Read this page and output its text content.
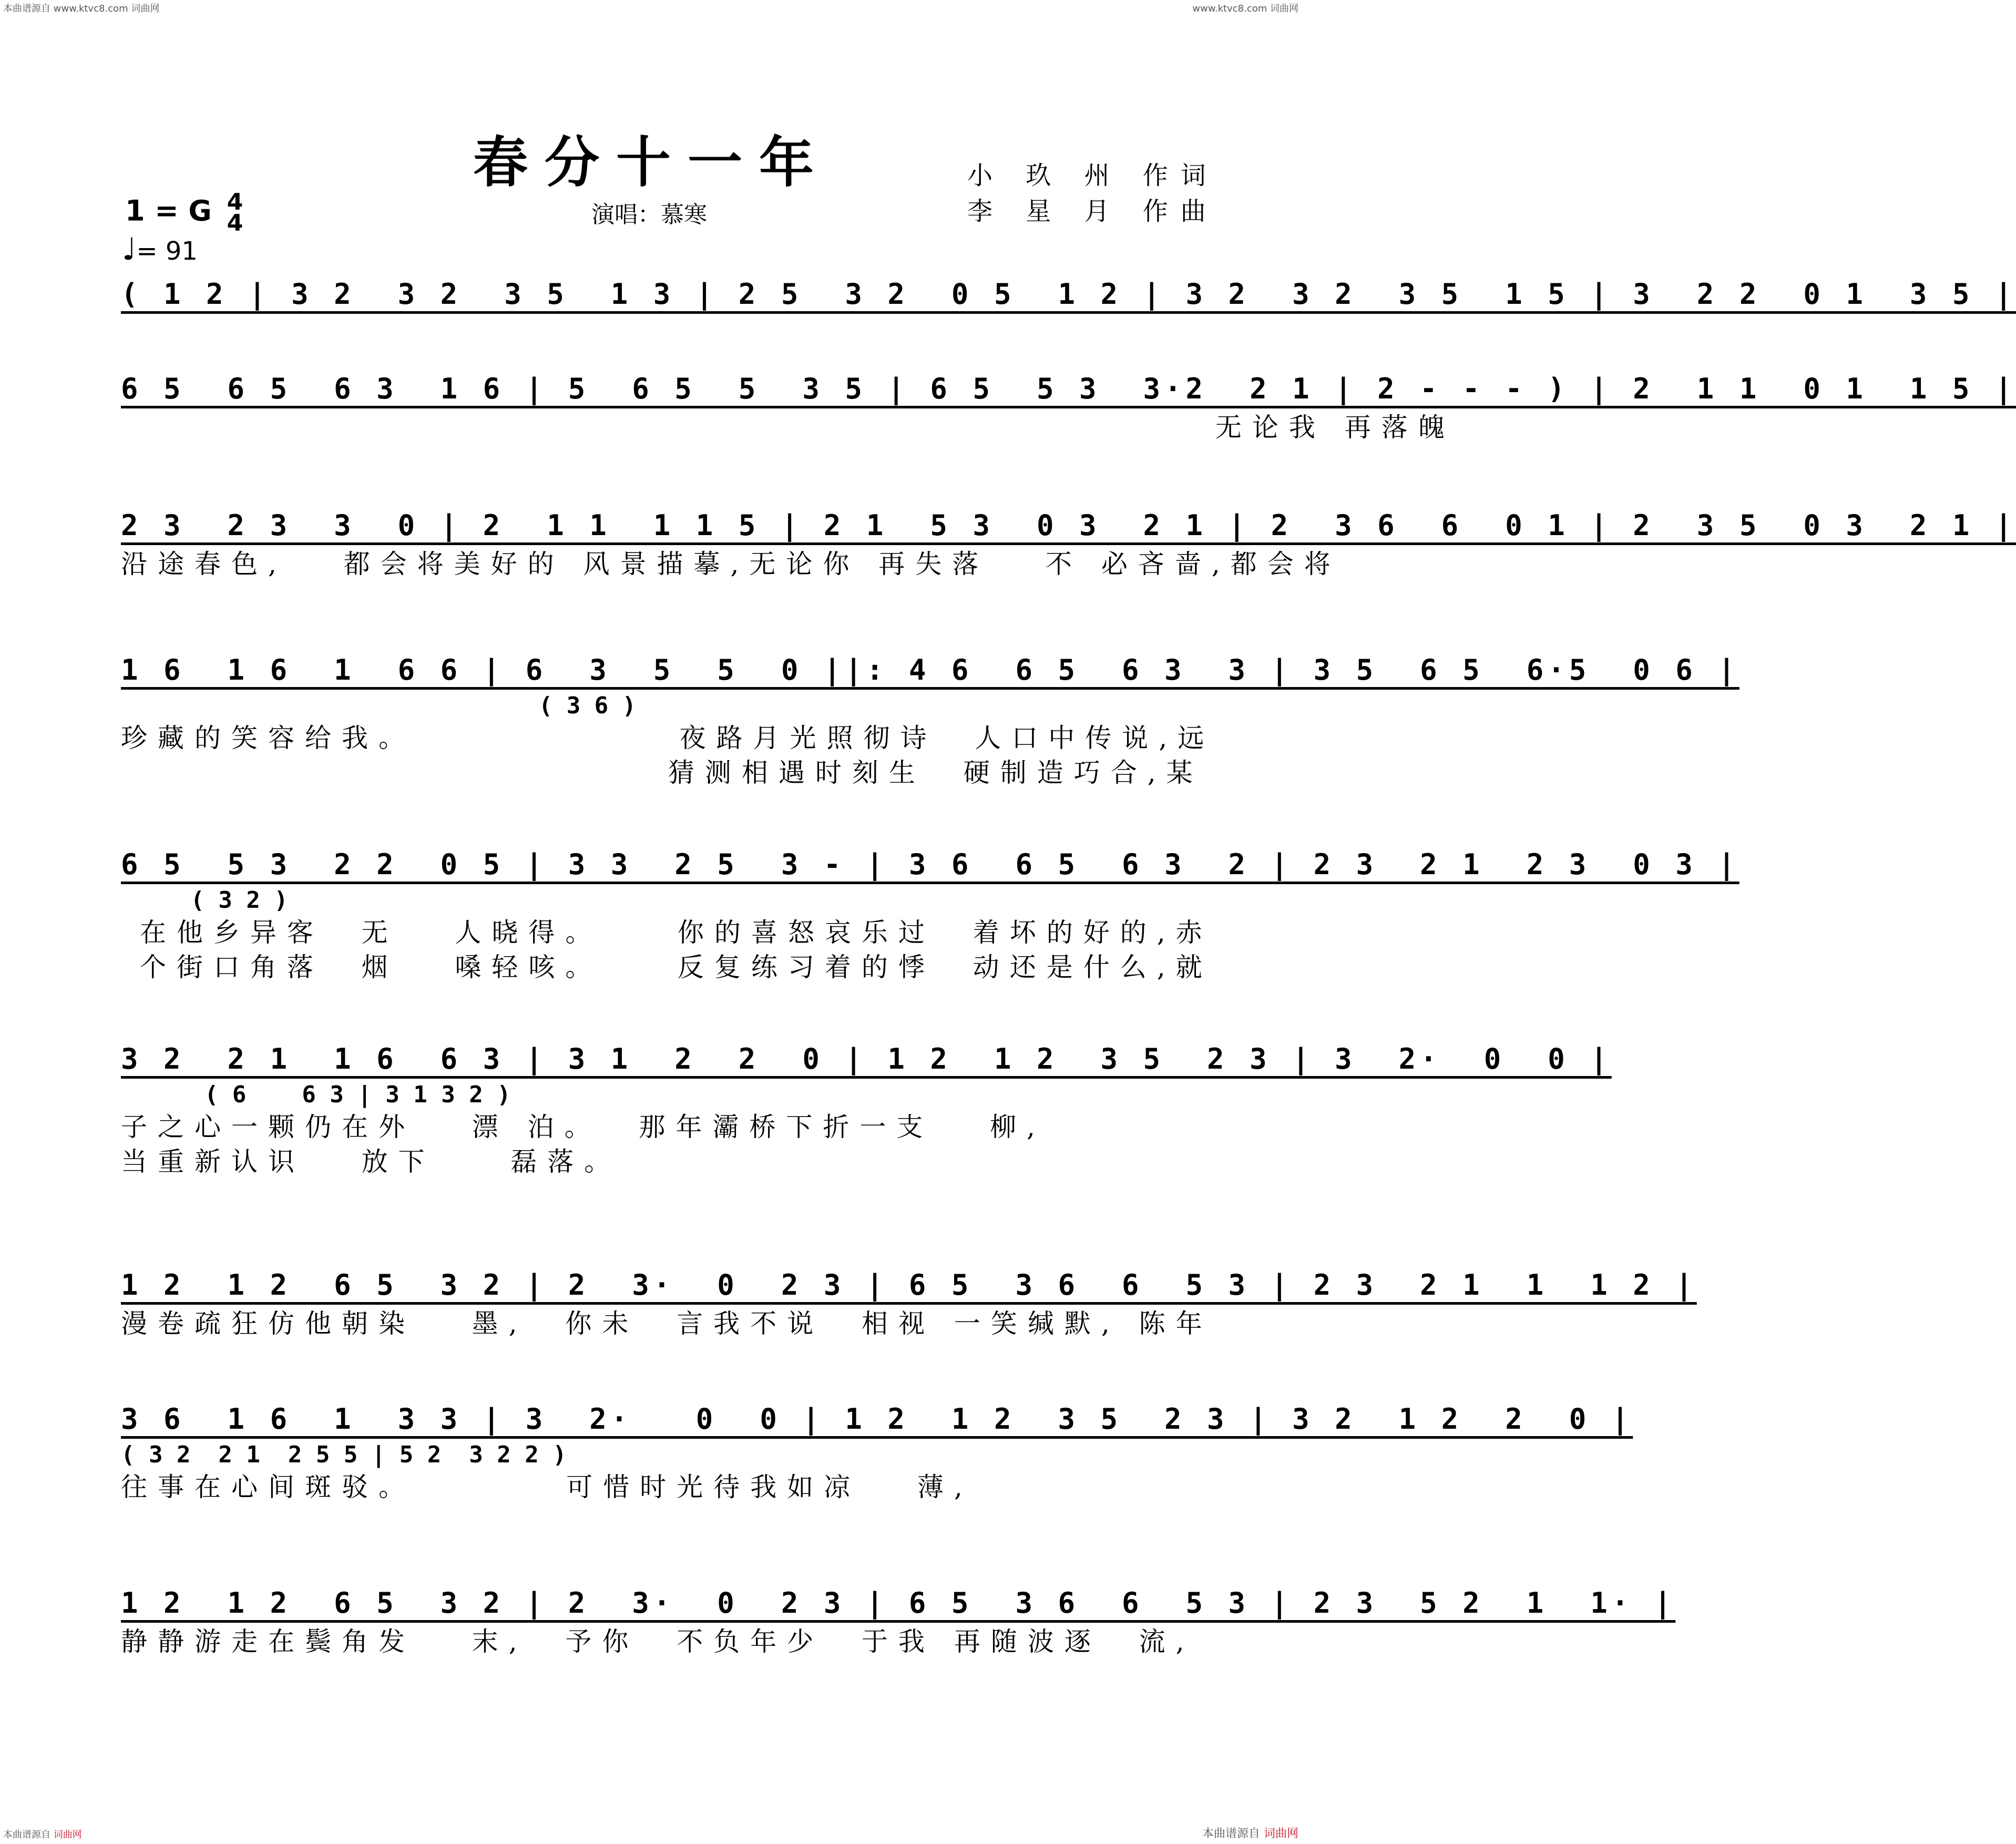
本曲谱源自 www.ktvc8.com 词曲网	www.ktvc8.com 词曲网
春分十一年
演唱：慕寒
小 玖 州 作词
李 星 月 作曲
1 = G 4
4
♩= 91
( 1 2 | 3 2  3 2  3 5  1 3 | 2 5  3 2  0 5  1 2 | 3 2  3 2  3 5  1 5 | 3  2 2  0 1  3 5 |
6 5  6 5  6 3  1 6 | 5  6 5  5  3 5 | 6 5  5 3  3·2  2 1 | 2 - - - ) | 2  1 1  0 1  1 5 |
无论我 再落魄
2 3  2 3  3  0 | 2  1 1  1 1 5 | 2 1  5 3  0 3  2 1 | 2  3 6  6  0 1 | 2  3 5  0 3  2 1 |
沿途春色,   都会将美好的 风景描摹,无论你 再失落   不 必吝啬,都会将
1 6  1 6  1  6 6 | 6  3  5  5  0 ||: 4 6  6 5  6 3  3 | 3 5  6 5  6·5  0 6 |
( 3 6 )
珍藏的笑容给我。              夜路月光照彻诗  人口中传说,远
猜测相遇时刻生  硬制造巧合,某
6 5  5 3  2 2  0 5 | 3 3  2 5  3 - | 3 6  6 5  6 3  2 | 2 3  2 1  2 3  0 3 |
( 3 2 )
在他乡异客  无   人晓得。    你的喜怒哀乐过  着坏的好的,赤
个街口角落  烟   嗓轻咳。    反复练习着的悸  动还是什么,就
3 2  2 1  1 6  6 3 | 3 1  2  2  0 | 1 2  1 2  3 5  2 3 | 3  2·  0  0 |
( 6    6 3 | 3 1 3 2 )
子之心一颗仍在外   漂 泊。  那年灞桥下折一支   柳,
当重新认识   放下    磊落。
1 2  1 2  6 5  3 2 | 2  3·  0  2 3 | 6 5  3 6  6  5 3 | 2 3  2 1  1  1 2 |
漫卷疏狂仿他朝染   墨,  你未  言我不说  相视 一笑缄默, 陈年
3 6  1 6  1  3 3 | 3  2·   0  0 | 1 2  1 2  3 5  2 3 | 3 2  1 2  2  0 |
( 3 2  2 1  2 5 5 | 5 2  3 2 2 )
往事在心间斑驳。        可惜时光待我如凉   薄,
1 2  1 2  6 5  3 2 | 2  3·  0  2 3 | 6 5  3 6  6  5 3 | 2 3  5 2  1  1· |
静静游走在鬓角发   末,  予你  不负年少  于我 再随波逐  流,
本曲谱源自 词曲网	本曲谱源自 词曲网
